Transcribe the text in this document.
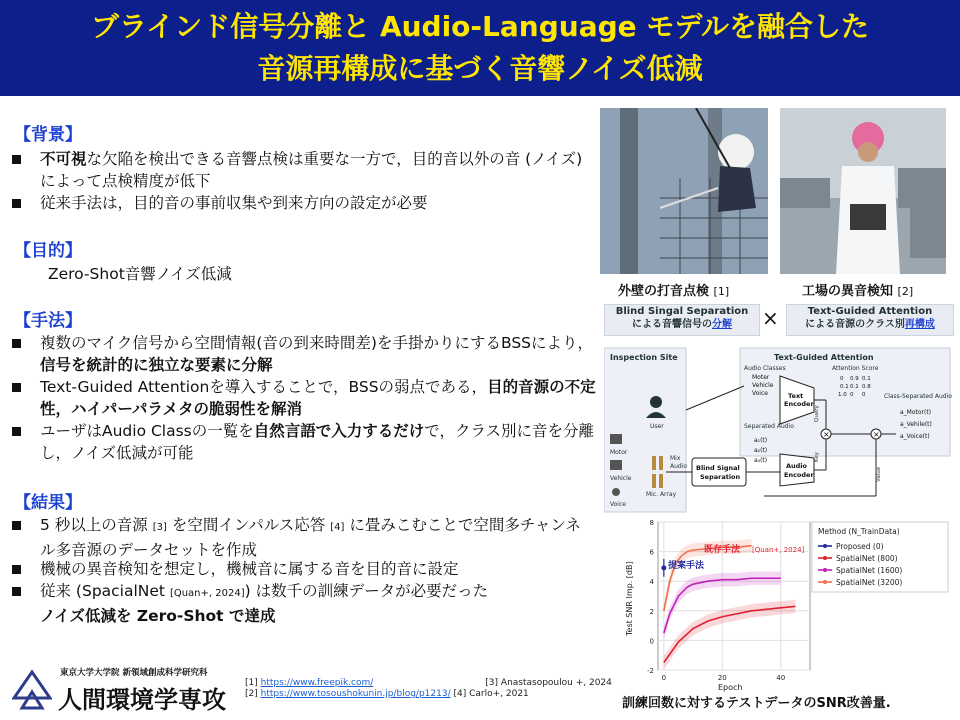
ブラインド信号分離と Audio-Language モデルを融合した
音源再構成に基づく音響ノイズ低減
【背景】
不可視な欠陥を検出できる音響点検は重要な一方で，目的音以外の音 (ノイズ)によって点検精度が低下
従来手法は，目的音の事前収集や到来方向の設定が必要
【目的】
Zero-Shot音響ノイズ低減
【手法】
複数のマイク信号から空間情報(音の到来時間差)を手掛かりにするBSSにより，信号を統計的に独立な要素に分解
Text-Guided Attentionを導入することで，BSSの弱点である，目的音源の不定性，ハイパーパラメタの脆弱性を解消
ユーザはAudio Classの一覧を自然言語で入力するだけで，クラス別に音を分離し，ノイズ低減が可能
【結果】
5 秒以上の音源 [3] を空間インパルス応答 [4] に畳みこむことで空間多チャンネル多音源のデータセットを作成
機械の異音検知を想定し，機械音に属する音を目的音に設定
従来 (SpacialNet [Quan+, 2024]) は数千の訓練データが必要だった
ノイズ低減を Zero-Shot で達成
外壁の打音点検 [1]	工場の異音検知 [2]
Blind Singal Separation
による音響信号の分解	×	Text-Guided Attention
による音源のクラス別再構成
Inspection Site	Text-Guided Attention
User
Motor
Vehicle
Voice
Mic. Array
Mix
Audio Blind Signal
Separation
Separated Audio
a₁(t)
a₂(t)
a₃(t)
Audio Classes
Moter
Vehicle
Voice	Text
Encoder
Audio
Encoder
Query
Key
×
Attention Score
0 0.9 0.1
0.1 0.1 0.8
1.0 0 0
×
Value
Class-Separated Audio
a_Motor(t)
a_Vehile(t)
a_Voice(t)
-2
0
2
4
6
8
0	20	40
Epoch
Test SNR Imp. [dB]
既存手法 [Quan+, 2024]
提案手法
Method (N_TrainData)
Proposed (0)
SpatialNet (800)
SpatialNet (1600)
SpatialNet (3200)
訓練回数に対するテストデータのSNR改善量.
[1] https://www.freepik.com/	[3] Anastasopoulou +, 2024
[2] https://www.tosoushokunin.jp/blog/p1213/ [4] Carlo+, 2021
東京大学大学院 新領域創成科学研究科
人間環境学専攻
